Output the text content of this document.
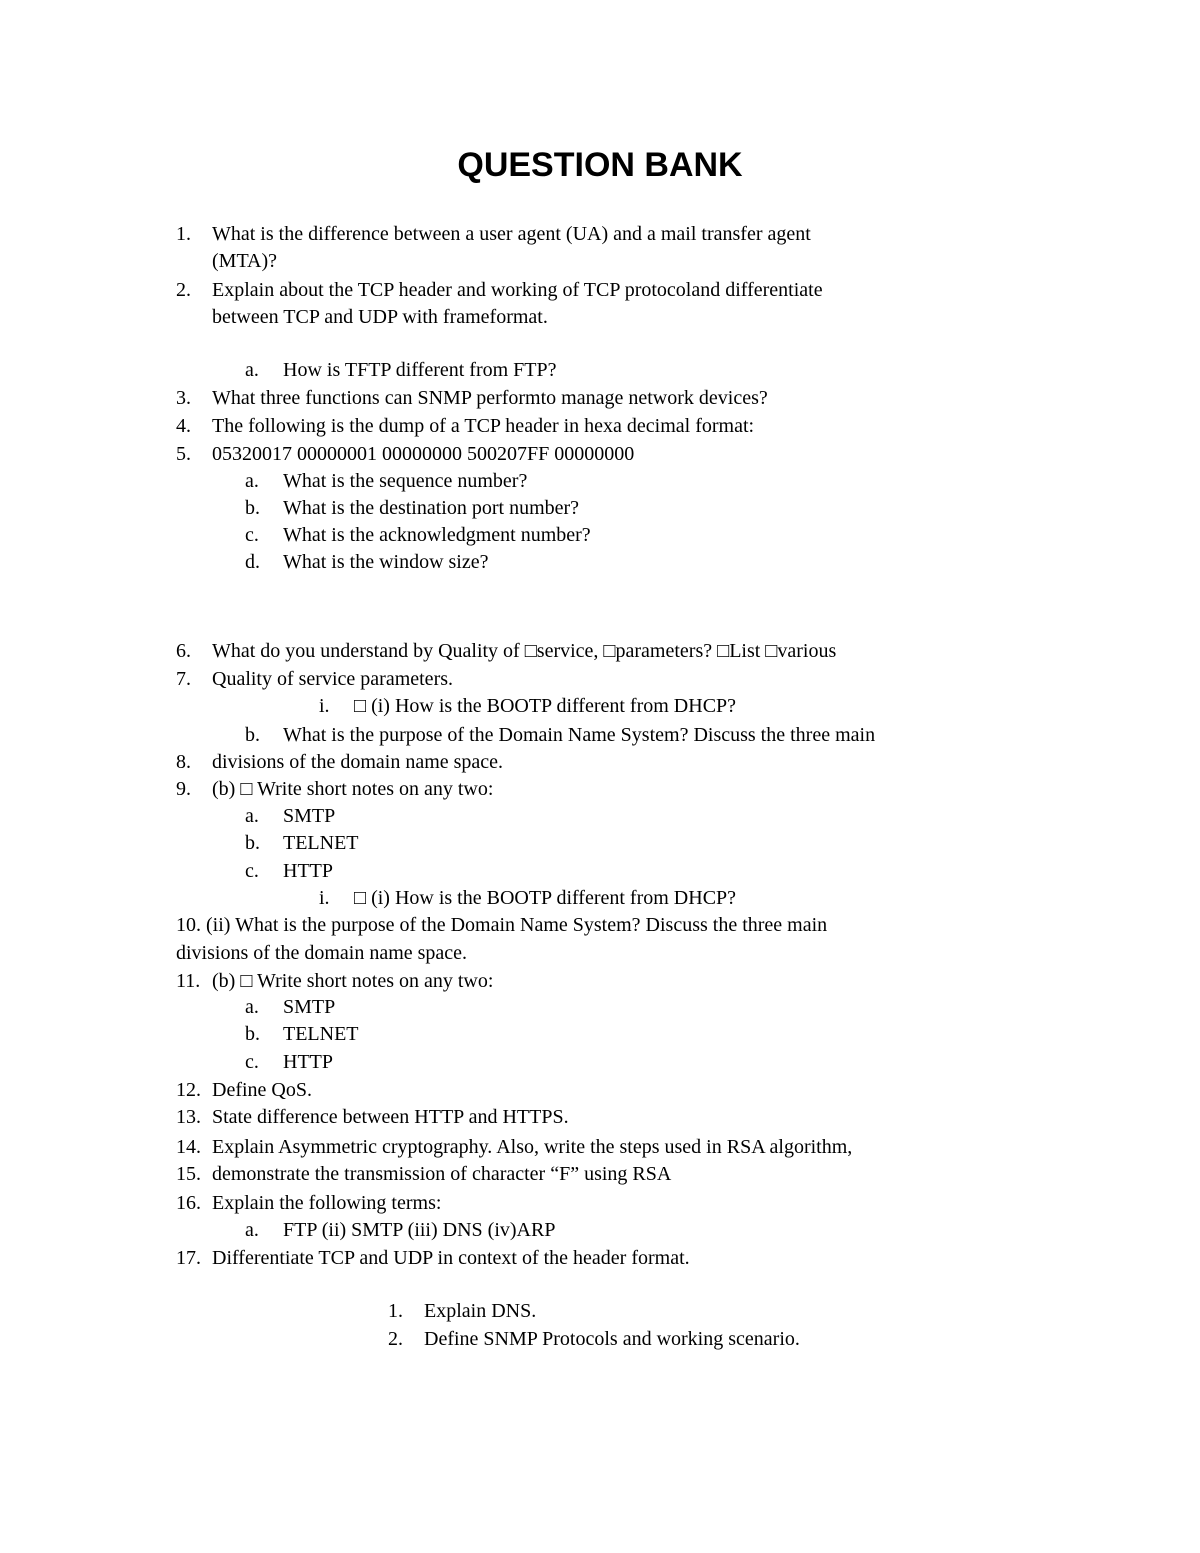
QUESTION BANK
1. What is the difference between a user agent (UA) and a mail transfer agent
(MTA)?
2. Explain about the TCP header and working of TCP protocoland differentiate
between TCP and UDP with frameformat.
a. How is TFTP different from FTP?
3. What three functions can SNMP performto manage network devices?
4. The following is the dump of a TCP header in hexa decimal format:
5. 05320017 00000001 00000000 500207FF 00000000
a. What is the sequence number?
b. What is the destination port number?
c. What is the acknowledgment number?
d. What is the window size?
6. What do you understand by Quality of □service, □parameters? □List □various
7. Quality of service parameters.
i. □ (i) How is the BOOTP different from DHCP?
b. What is the purpose of the Domain Name System? Discuss the three main
8. divisions of the domain name space.
9. (b) □ Write short notes on any two:
a. SMTP
b. TELNET
c. HTTP
i. □ (i) How is the BOOTP different from DHCP?
10. (ii) What is the purpose of the Domain Name System? Discuss the three main
divisions of the domain name space.
11. (b) □ Write short notes on any two:
a. SMTP
b. TELNET
c. HTTP
12. Define QoS.
13. State difference between HTTP and HTTPS.
14. Explain Asymmetric cryptography. Also, write the steps used in RSA algorithm,
15. demonstrate the transmission of character “F” using RSA
16. Explain the following terms:
a. FTP (ii) SMTP (iii) DNS (iv)ARP
17. Differentiate TCP and UDP in context of the header format.
1. Explain DNS.
2. Define SNMP Protocols and working scenario.
